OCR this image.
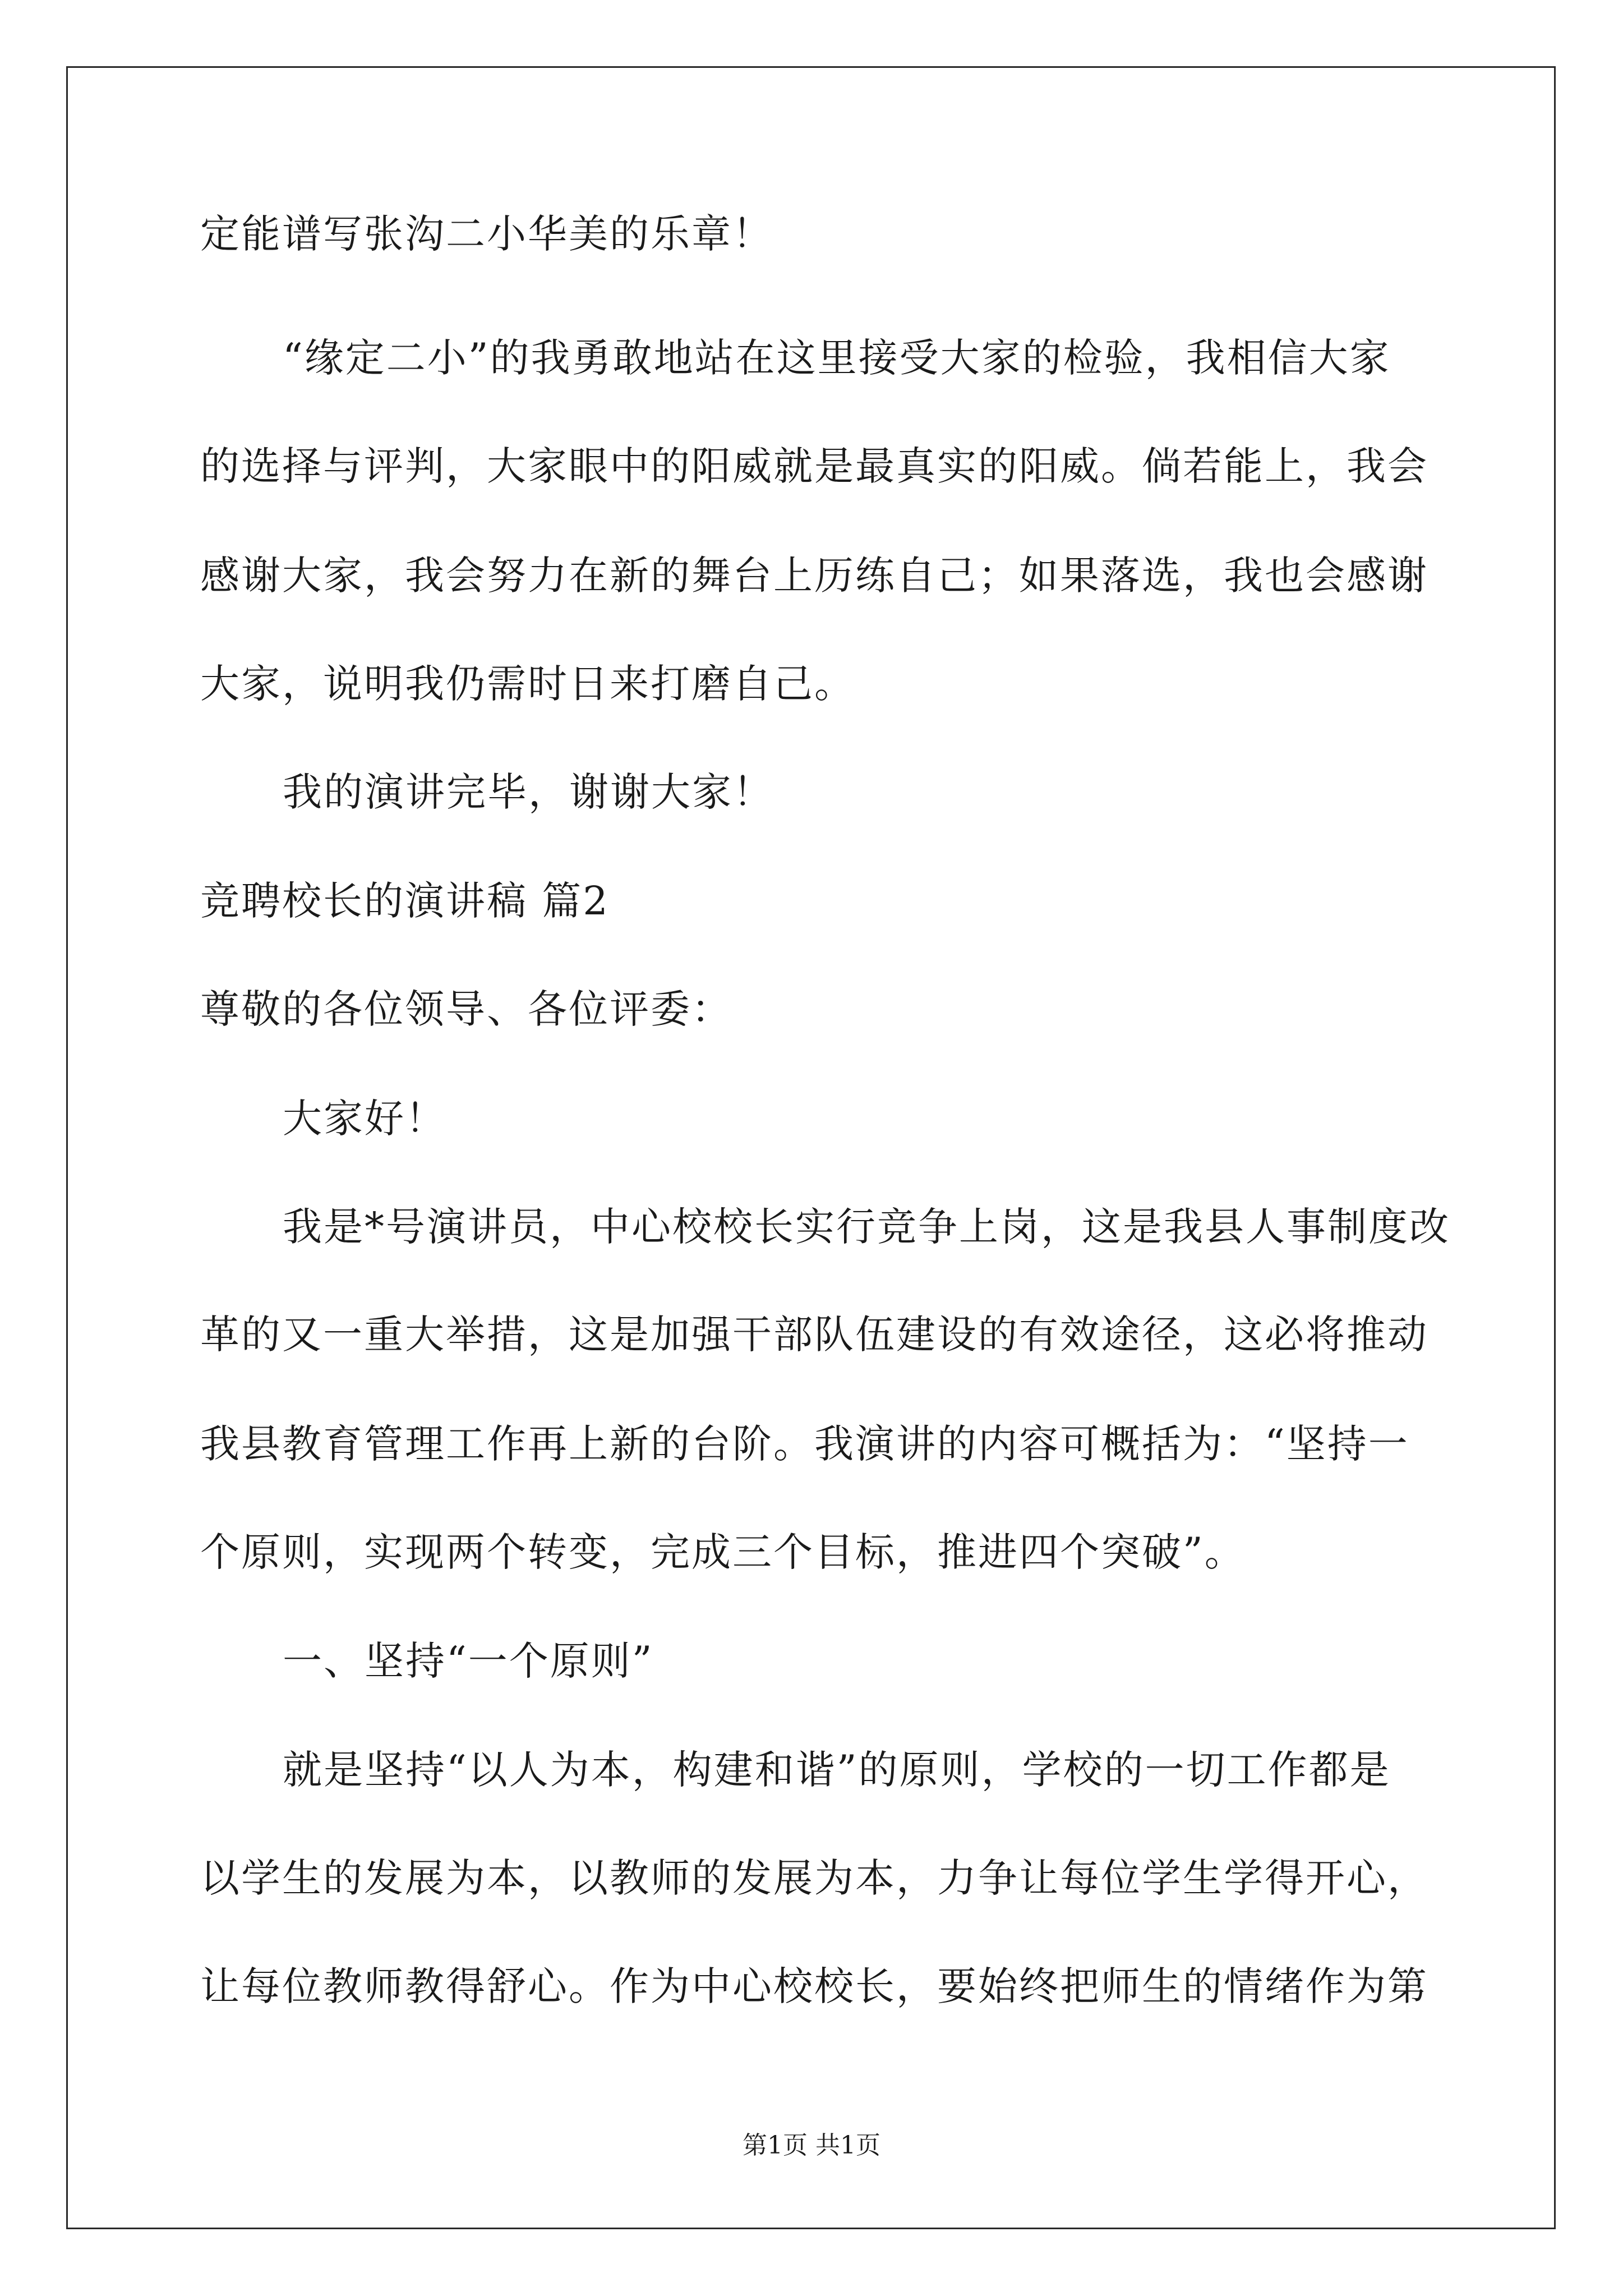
定能谱写张沟二小华美的乐章！
“缘定二小”的我勇敢地站在这里接受大家的检验，我相信大家
的选择与评判，大家眼中的阳威就是最真实的阳威。倘若能上，我会
感谢大家，我会努力在新的舞台上历练自己；如果落选，我也会感谢
大家，说明我仍需时日来打磨自己。
我的演讲完毕，谢谢大家！
竞聘校长的演讲稿 篇2
尊敬的各位领导、各位评委：
大家好！
我是*号演讲员，中心校校长实行竞争上岗，这是我县人事制度改
革的又一重大举措，这是加强干部队伍建设的有效途径，这必将推动
我县教育管理工作再上新的台阶。我演讲的内容可概括为：“坚持一
个原则，实现两个转变，完成三个目标，推进四个突破”。
一、坚持“一个原则”
就是坚持“以人为本，构建和谐”的原则，学校的一切工作都是
以学生的发展为本，以教师的发展为本，力争让每位学生学得开心，
让每位教师教得舒心。作为中心校校长，要始终把师生的情绪作为第
第1页 共1页
